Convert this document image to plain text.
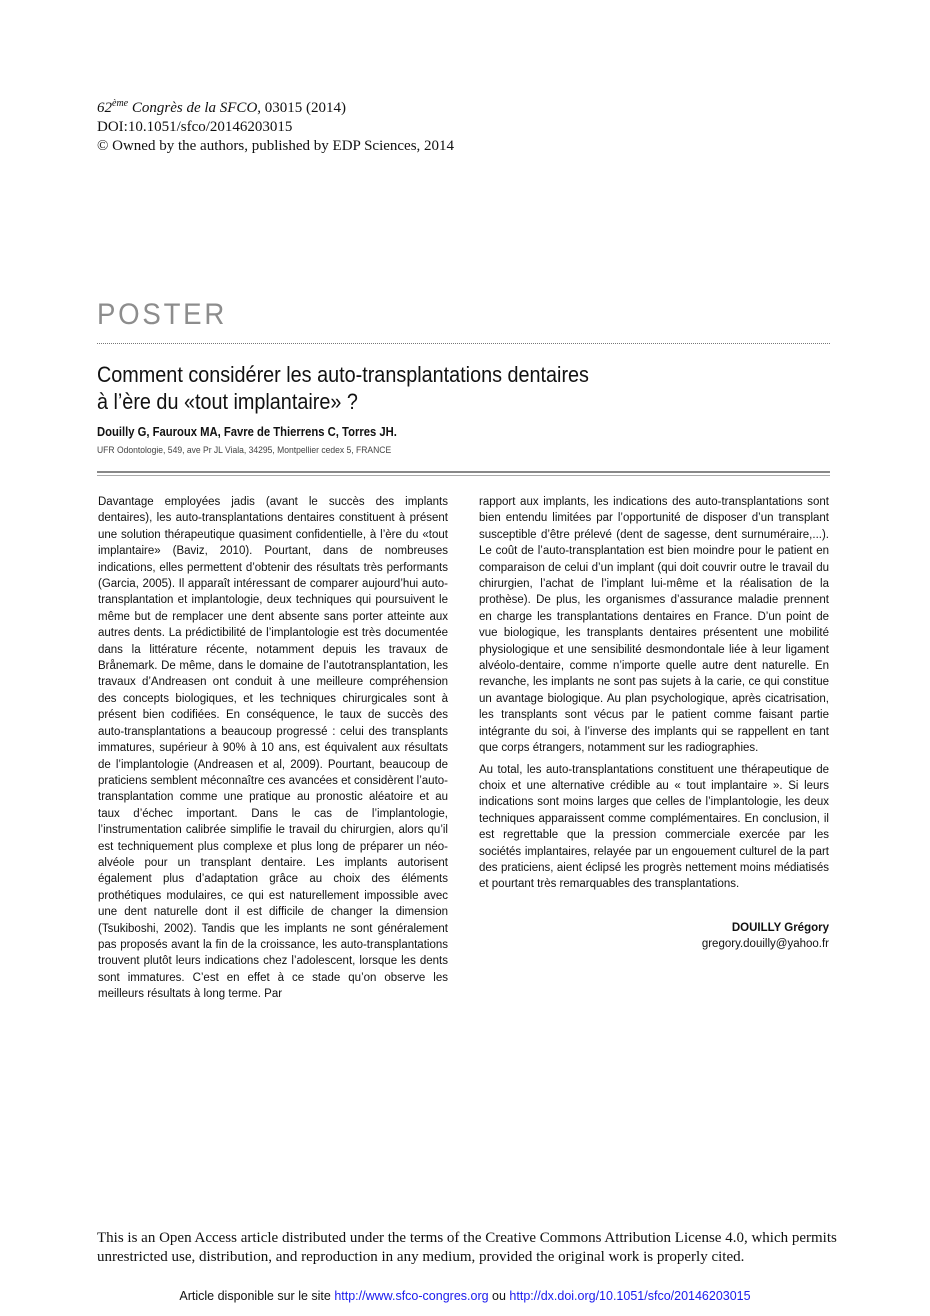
62ème Congrès de la SFCO, 03015 (2014)
DOI:10.1051/sfco/20146203015
© Owned by the authors, published by EDP Sciences, 2014
POSTER
Comment considérer les auto-transplantations dentaires
à l’ère du «tout implantaire» ?
Douilly G, Fauroux MA, Favre de Thierrens C, Torres JH.
UFR Odontologie, 549, ave Pr JL Viala, 34295, Montpellier cedex 5, FRANCE

Davantage employées jadis (avant le succès des implants dentaires), les auto-transplantations dentaires constituent à présent une solution thérapeutique quasiment confidentielle, à l’ère du «tout implantaire» (Baviz, 2010). Pourtant, dans de nombreuses indications, elles permettent d’obtenir des résultats très performants (Garcia, 2005). Il apparaît intéressant de comparer aujourd’hui auto-transplantation et implantologie, deux techniques qui poursuivent le même but de remplacer une dent absente sans porter atteinte aux autres dents. La prédictibilité de l’implantologie est très documentée dans la littérature récente, notamment depuis les travaux de Brånemark. De même, dans le domaine de l’autotransplantation, les travaux d’Andreasen ont conduit à une meilleure compréhension des concepts biologiques, et les techniques chirurgicales sont à présent bien codifiées. En conséquence, le taux de succès des auto-transplantations a beaucoup progressé : celui des transplants immatures, supérieur à 90% à 10 ans, est équivalent aux résultats de l’implantologie (Andreasen et al, 2009). Pourtant, beaucoup de praticiens semblent méconnaître ces avancées et considèrent l’auto-transplantation comme une pratique au pronostic aléatoire et au taux d’échec important. Dans le cas de l’implantologie, l’instrumentation calibrée simplifie le travail du chirurgien, alors qu’il est techniquement plus complexe et plus long de préparer un néo-alvéole pour un transplant dentaire. Les implants autorisent également plus d’adaptation grâce au choix des éléments prothétiques modulaires, ce qui est naturellement impossible avec une dent naturelle dont il est difficile de changer la dimension (Tsukiboshi, 2002). Tandis que les implants ne sont généralement pas proposés avant la fin de la croissance, les auto-transplantations trouvent plutôt leurs indications chez l’adolescent, lorsque les dents sont immatures. C’est en effet à ce stade qu’on observe les meilleurs résultats à long terme. Par

rapport aux implants, les indications des auto-transplantations sont bien entendu limitées par l’opportunité de disposer d’un transplant susceptible d’être prélevé (dent de sagesse, dent surnuméraire,...). Le coût de l’auto-transplantation est bien moindre pour le patient en comparaison de celui d’un implant (qui doit couvrir outre le travail du chirurgien, l’achat de l’implant lui-même et la réalisation de la prothèse). De plus, les organismes d’assurance maladie prennent en charge les transplantations dentaires en France. D’un point de vue biologique, les transplants dentaires présentent une mobilité physiologique et une sensibilité desmondontale liée à leur ligament alvéolo-dentaire, comme n’importe quelle autre dent naturelle. En revanche, les implants ne sont pas sujets à la carie, ce qui constitue un avantage biologique. Au plan psychologique, après cicatrisation, les transplants sont vécus par le patient comme faisant partie intégrante du soi, à l’inverse des implants qui se rappellent en tant que corps étrangers, notamment sur les radiographies.

Au total, les auto-transplantations constituent une thérapeutique de choix et une alternative crédible au « tout implantaire ». Si leurs indications sont moins larges que celles de l’implantologie, les deux techniques apparaissent comme complémentaires. En conclusion, il est regrettable que la pression commerciale exercée par les sociétés implantaires, relayée par un engouement culturel de la part des praticiens, aient éclipsé les progrès nettement moins médiatisés et pourtant très remarquables des transplantations.

DOUILLY Grégory
gregory.douilly@yahoo.fr
This is an Open Access article distributed under the terms of the Creative Commons Attribution License 4.0, which permits unrestricted use, distribution, and reproduction in any medium, provided the original work is properly cited.
Article disponible sur le site http://www.sfco-congres.org ou http://dx.doi.org/10.1051/sfco/20146203015
